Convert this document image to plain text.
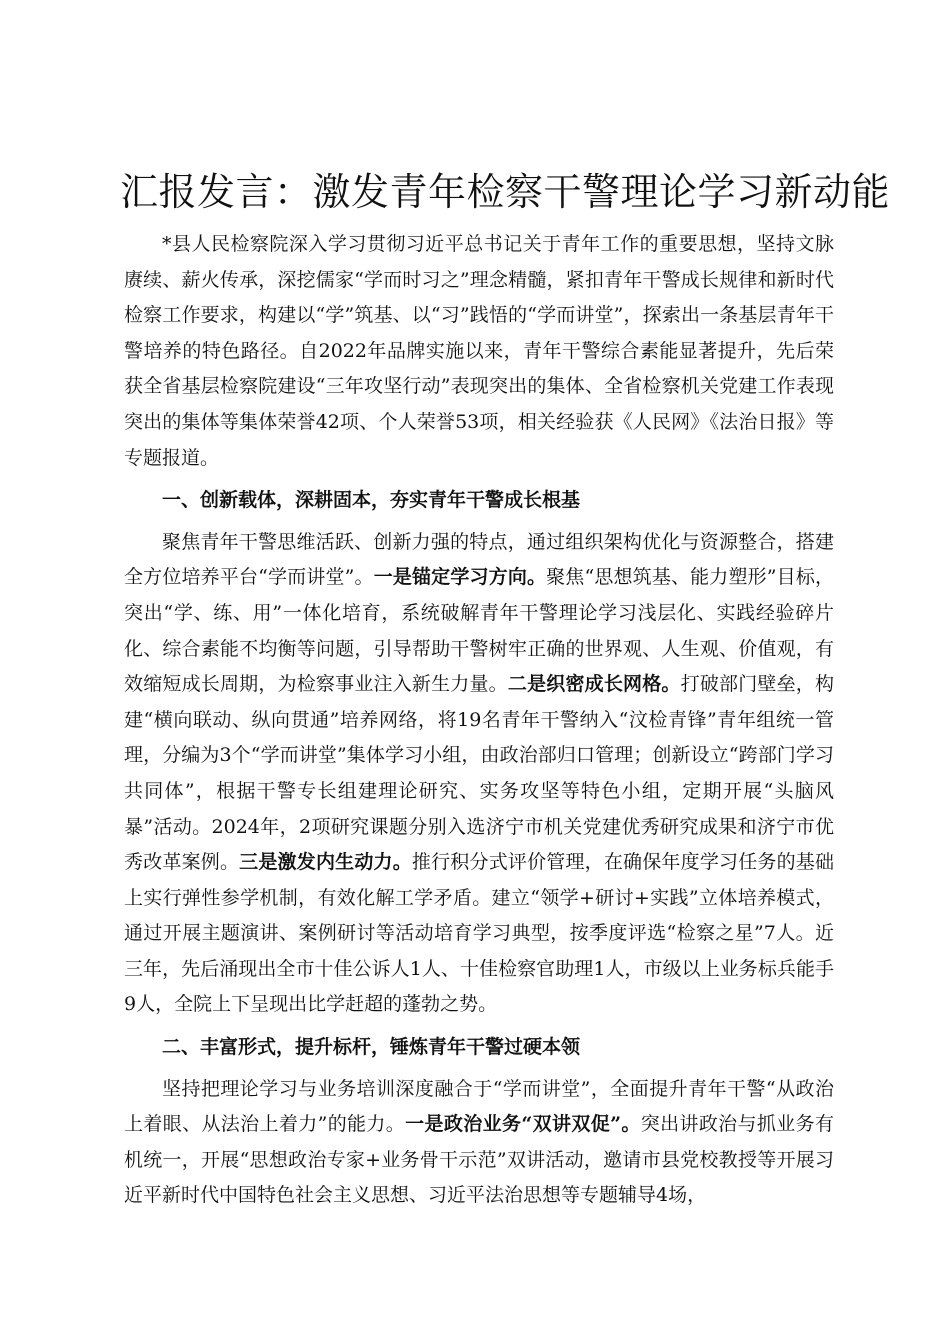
汇报发言：激发青年检察干警理论学习新动能

*县人民检察院深入学习贯彻习近平总书记关于青年工作的重要思想，坚持文脉赓续、薪火传承，深挖儒家“学而时习之”理念精髓，紧扣青年干警成长规律和新时代检察工作要求，构建以“学”筑基、以“习”践悟的“学而讲堂”，探索出一条基层青年干警培养的特色路径。自2022年品牌实施以来，青年干警综合素能显著提升，先后荣获全省基层检察院建设“三年攻坚行动”表现突出的集体、全省检察机关党建工作表现突出的集体等集体荣誉42项、个人荣誉53项，相关经验获《人民网》《法治日报》等专题报道。

一、创新载体，深耕固本，夯实青年干警成长根基

聚焦青年干警思维活跃、创新力强的特点，通过组织架构优化与资源整合，搭建全方位培养平台“学而讲堂”。一是锚定学习方向。聚焦“思想筑基、能力塑形”目标，突出“学、练、用”一体化培育，系统破解青年干警理论学习浅层化、实践经验碎片化、综合素能不均衡等问题，引导帮助干警树牢正确的世界观、人生观、价值观，有效缩短成长周期，为检察事业注入新生力量。二是织密成长网格。打破部门壁垒，构建“横向联动、纵向贯通”培养网络，将19名青年干警纳入“汶检青锋”青年组统一管理，分编为3个“学而讲堂”集体学习小组，由政治部归口管理；创新设立“跨部门学习共同体”，根据干警专长组建理论研究、实务攻坚等特色小组，定期开展“头脑风暴”活动。2024年，2项研究课题分别入选济宁市机关党建优秀研究成果和济宁市优秀改革案例。三是激发内生动力。推行积分式评价管理，在确保年度学习任务的基础上实行弹性参学机制，有效化解工学矛盾。建立“领学+研讨+实践”立体培养模式，通过开展主题演讲、案例研讨等活动培育学习典型，按季度评选“检察之星”7人。近三年，先后涌现出全市十佳公诉人1人、十佳检察官助理1人，市级以上业务标兵能手9人，全院上下呈现出比学赶超的蓬勃之势。

二、丰富形式，提升标杆，锤炼青年干警过硬本领

坚持把理论学习与业务培训深度融合于“学而讲堂”，全面提升青年干警“从政治上着眼、从法治上着力”的能力。一是政治业务“双讲双促”。突出讲政治与抓业务有机统一，开展“思想政治专家+业务骨干示范”双讲活动，邀请市县党校教授等开展习近平新时代中国特色社会主义思想、习近平法治思想等专题辅导4场，
